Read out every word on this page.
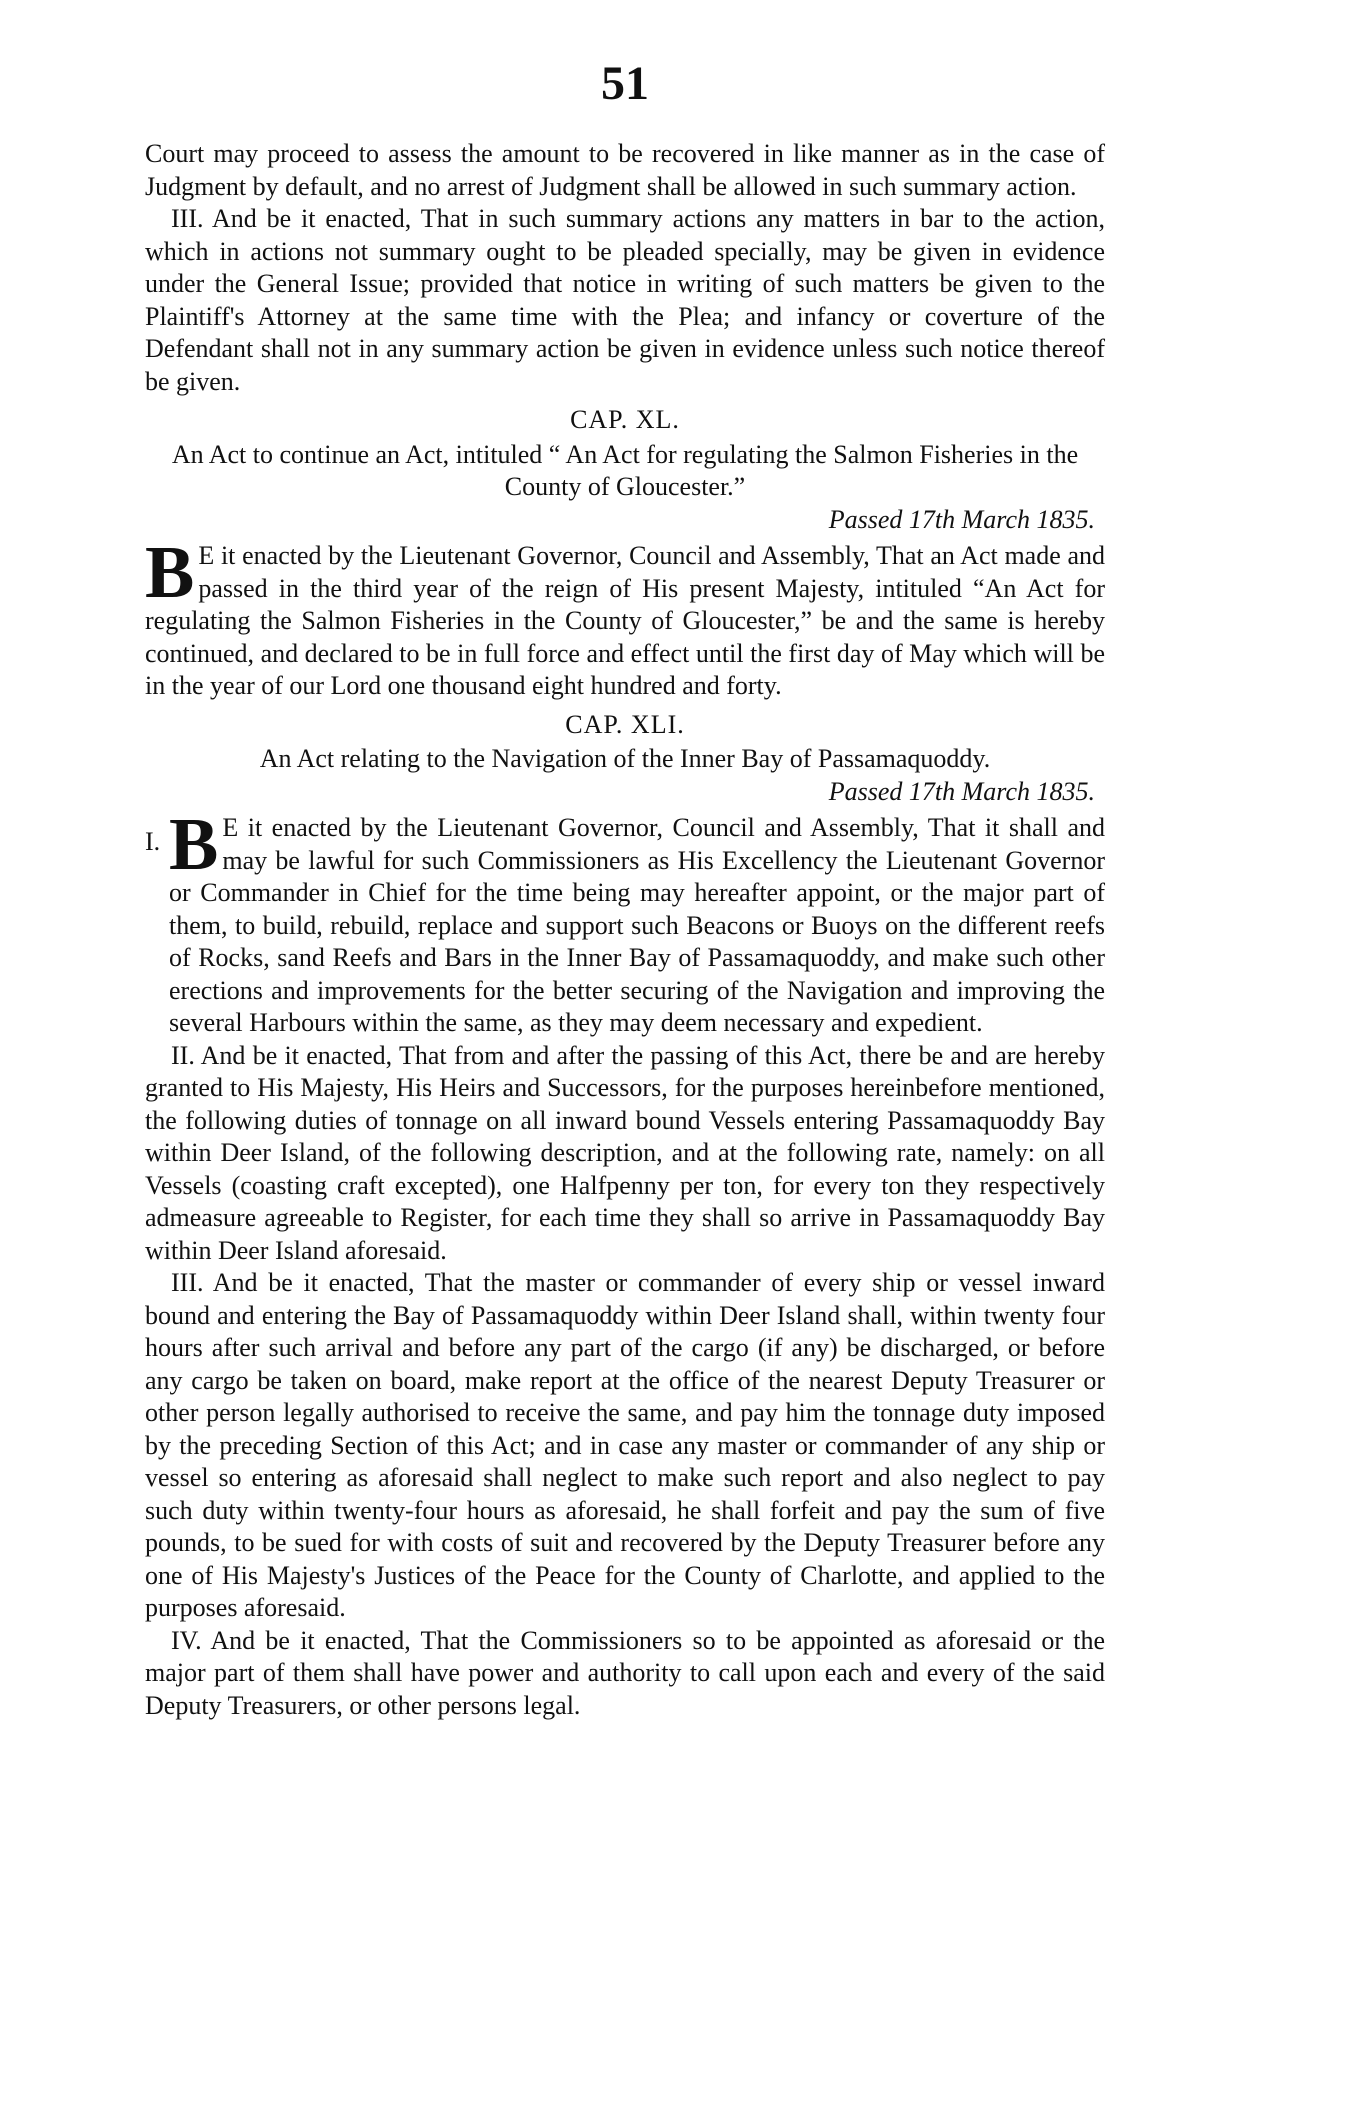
51

Court may proceed to assess the amount to be recovered in like manner as in the case of Judgment by default, and no arrest of Judgment shall be allowed in such summary action.

III. And be it enacted, That in such summary actions any matters in bar to the action, which in actions not summary ought to be pleaded specially, may be given in evidence under the General Issue; provided that notice in writing of such matters be given to the Plaintiff's Attorney at the same time with the Plea; and infancy or coverture of the Defendant shall not in any summary action be given in evidence unless such notice thereof be given.

CAP. XL.

An Act to continue an Act, intituled “ An Act for regulating the Salmon Fisheries in the County of Gloucester.”

Passed 17th March 1835.

B E it enacted by the Lieutenant Governor, Council and Assembly, That an Act made and passed in the third year of the reign of His present Majesty, intituled “An Act for regulating the Salmon Fisheries in the County of Gloucester,” be and the same is hereby continued, and declared to be in full force and effect until the first day of May which will be in the year of our Lord one thousand eight hundred and forty.

CAP. XLI.

An Act relating to the Navigation of the Inner Bay of Passamaquoddy.

Passed 17th March 1835.

I. B E it enacted by the Lieutenant Governor, Council and Assembly, That it shall and may be lawful for such Commissioners as His Excellency the Lieutenant Governor or Commander in Chief for the time being may hereafter appoint, or the major part of them, to build, rebuild, replace and support such Beacons or Buoys on the different reefs of Rocks, sand Reefs and Bars in the Inner Bay of Passamaquoddy, and make such other erections and improvements for the better securing of the Navigation and improving the several Harbours within the same, as they may deem necessary and expedient.

II. And be it enacted, That from and after the passing of this Act, there be and are hereby granted to His Majesty, His Heirs and Successors, for the purposes hereinbefore mentioned, the following duties of tonnage on all inward bound Vessels entering Passamaquoddy Bay within Deer Island, of the following description, and at the following rate, namely: on all Vessels (coasting craft excepted), one Halfpenny per ton, for every ton they respectively admeasure agreeable to Register, for each time they shall so arrive in Passamaquoddy Bay within Deer Island aforesaid.

III. And be it enacted, That the master or commander of every ship or vessel inward bound and entering the Bay of Passamaquoddy within Deer Island shall, within twenty four hours after such arrival and before any part of the cargo (if any) be discharged, or before any cargo be taken on board, make report at the office of the nearest Deputy Treasurer or other person legally authorised to receive the same, and pay him the tonnage duty imposed by the preceding Section of this Act; and in case any master or commander of any ship or vessel so entering as aforesaid shall neglect to make such report and also neglect to pay such duty within twenty-four hours as aforesaid, he shall forfeit and pay the sum of five pounds, to be sued for with costs of suit and recovered by the Deputy Treasurer before any one of His Majesty's Justices of the Peace for the County of Charlotte, and applied to the purposes aforesaid.

IV. And be it enacted, That the Commissioners so to be appointed as aforesaid or the major part of them shall have power and authority to call upon each and every of the said Deputy Treasurers, or other persons legal.
